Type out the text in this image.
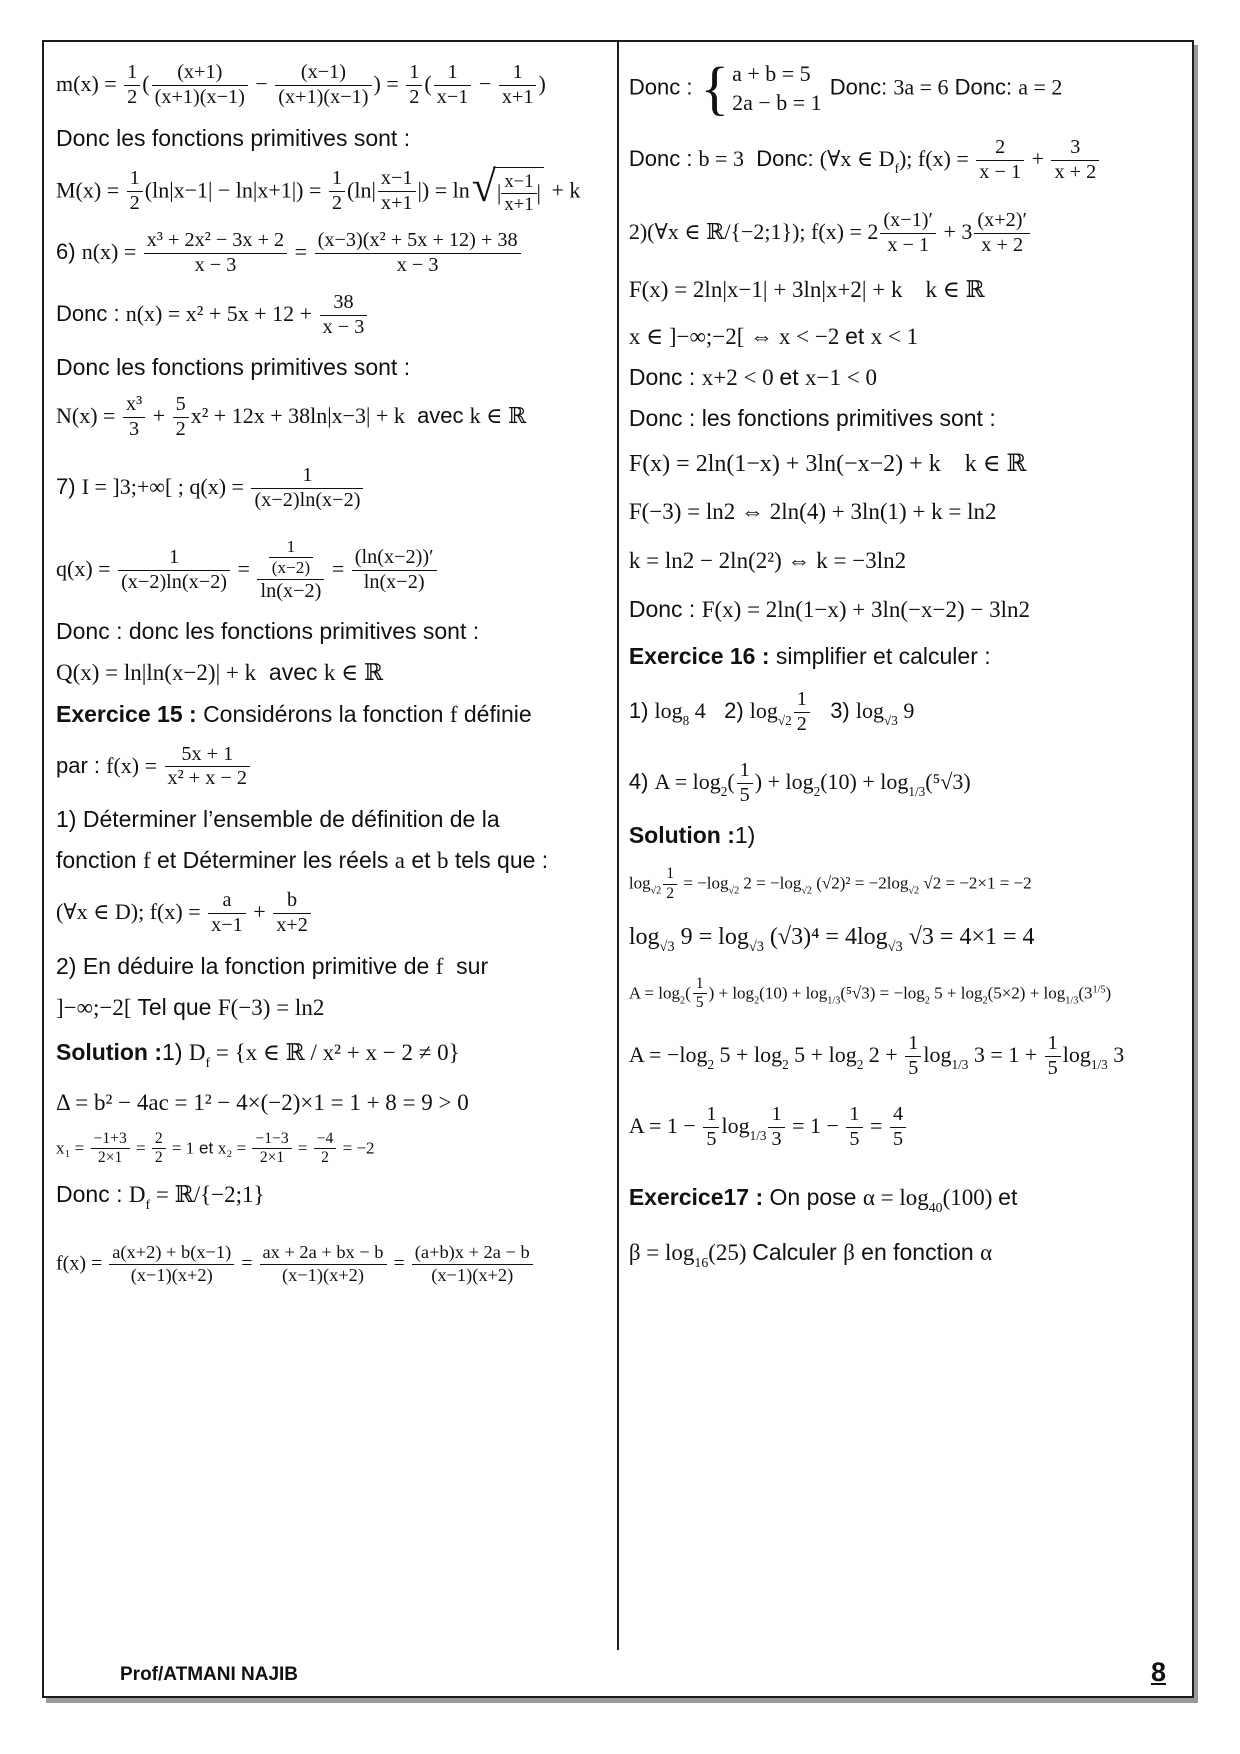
$m(x) = \frac{1}{2}$ ( $\frac{(x+1)}{(x+1)(x-1)} - \frac{(x-1)}{(x+1)(x-1)}$ ) = $\frac{1}{2}$ ( $\frac{1}{x-1} - \frac{1}{x+1}$ )
Donc les fonctions primitives sont :
$M(x) = \frac{1}{2} (\ln|x-1| - \ln|x+1|) = \frac{1}{2} (\ln| \frac{x-1}{x+1}$ |) = ln √ | $\frac{x-1}{x+1}$ | + k
6) $n(x) = \frac{\text{x³ + 2x² − 3x + 2}}{x - 3} = \frac{\text{(x−3)(x² + 5x + 12) + 38}}{x - 3}$
Donc : $n(x) = x^2 + 5x + 12 + \frac{38}{x - 3}$
Donc les fonctions primitives sont :
$N(x) = \frac{\text{x³}}{3} + \frac{5}{2} x^2 + 12x + 38\ln|x-3| + k$  avec k ∈ ℝ
7) I = ]3;+∞[ ; $q(x) = \frac{1}{(x-2)\ln(x-2)}$
$q(x) = \frac{1}{(x-2)\ln(x-2)} = \frac{\frac{1}{(x-2)}}{\ln(x-2)} = \frac{(\ln(x-2))'}{\ln(x-2)}$
Donc : donc les fonctions primitives sont :
Q(x) = ln|ln(x−2)| + k  avec k ∈ ℝ
Exercice 15 : Considérons la fonction f définie
par : $f(x) = \frac{5x + 1}{\text{x² + x − 2}}$
1) Déterminer l’ensemble de définition de la
fonction f et Déterminer les réels a et b tels que :
(∀x ∈ D); $f(x) = \frac{a}{x-1} + \frac{b}{x+2}$
2) En déduire la fonction primitive de f  sur
]−∞;−2[ Tel que F(−3) = ln2
Solution :1) $D_f = \{x$ ∈ ℝ / x² + x − 2 ≠ 0}
Δ = b² − 4ac = 1² − 4×(−2)×1 = 1 + 8 = 9 > 0
$x_1 = \frac{-1+3}{2\times 1} = \frac{2}{2} = 1$ et $x_2 = \frac{-1-3}{2\times 1} = \frac{-4}{2} = -2$
Donc : $D_f$ = ℝ/{−2;1}
$f(x) = \frac{a(x+2) + b(x-1)}{(x-1)(x+2)} = \frac{ax + 2a + bx - b}{(x-1)(x+2)} = \frac{(a+b)x + 2a - b}{(x-1)(x+2)}$
Donc : { a + b = 5
2a − b = 1
Donc: 3a = 6 Donc: a = 2
Donc : b = 3  Donc: (∀x ∈ $D_f$); $f(x) = \frac{2}{x - 1} + \frac{3}{x + 2}$
2)(∀x ∈ ℝ/{−2;1}); $f(x) = 2 \frac{(x-1)'}{x - 1} + 3 \frac{(x+2)'}{x + 2}$
F(x) = 2ln|x−1| + 3ln|x+2| + k    k ∈ ℝ
x ∈ ]−∞;−2[ ⇔ x < −2 et x < 1
Donc : x+2 < 0 et x−1 < 0
Donc : les fonctions primitives sont :
F(x) = 2ln(1−x) + 3ln(−x−2) + k    k ∈ ℝ
F(−3) = ln2 ⇔ 2ln(4) + 3ln(1) + k = ln2
k = ln2 − 2ln(2²) ⇔ k = −3ln2
Donc : F(x) = 2ln(1−x) + 3ln(−x−2) − 3ln2
Exercice 16 : simplifier et calculer :
1) $\log_8 4$   2) $\log_{√2} \frac{1}{2} 3$) $\log_{√3} 9$
4) $A = \log_2( \frac{1}{5}$ ) + $\log_2(10) + \log_{1/3}(^5√3)$
Solution :1)
$\log_{√2} \frac{1}{2} = -\log_{√2}$ $2 = -\log_{√2}$ $(√2)^2 = -2\log_{√2}$ √2 = −2×1 = −2
$\log_{√3} 9 = \log_{√3} (√3)^4 = 4\log_{√3}$ √3 = 4×1 = 4
$A = \log_2( \frac{1}{5}$ ) + $\log_2(10) + \log_{1/3}(^5√3) = -\log_2$ $5 + \log_2(5\times 2) + \log_{1/3}(3^{1/5})$
$A = -\log_2$ $5 + \log_2 5 + \log_2 2 + \frac{1}{5} \log_{1/3} 3 = 1 + \frac{1}{5} \log_{1/3} 3$
$A = 1 - \frac{1}{5} \log_{1/3} \frac{1}{3} = 1 - \frac{1}{5} = \frac{4}{5}$
Exercice17 : On pose $\alpha = \log_{40}(100)$ et
$\beta = \log_{16}(25)$ Calculer β en fonction α
Prof/ATMANI NAJIB	8
